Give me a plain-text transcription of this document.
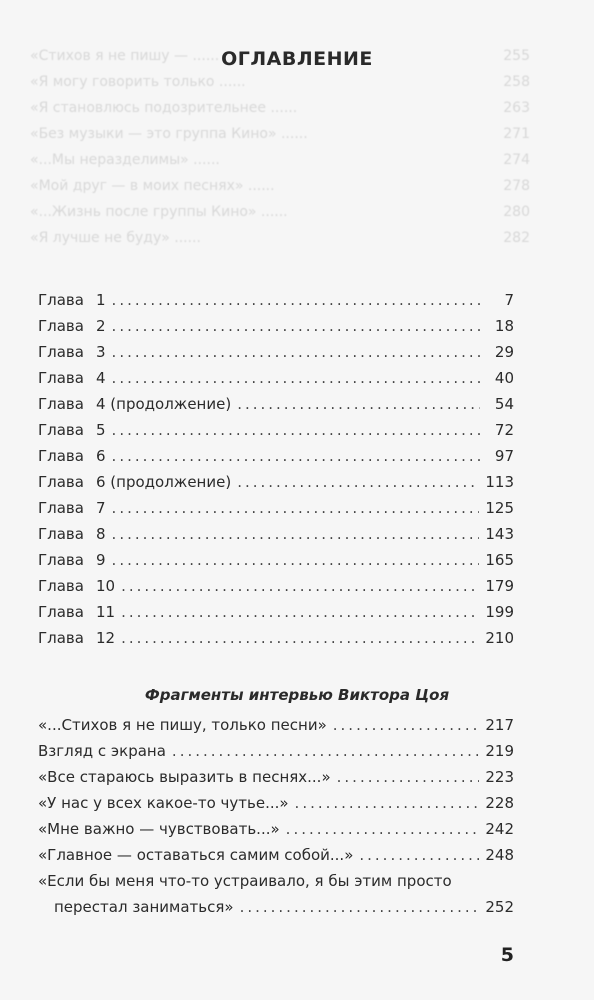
«Стихов я не пишу — ......	255
«Я могу говорить только ......	258
«Я становлюсь подозрительнее ......	263
«Без музыки — это группа Кино» ......	271
«...Мы неразделимы» ......	274
«Мой друг — в моих песнях» ......	278
«...Жизнь после группы Кино» ......	280
«Я лучше не буду» ......	282
ОГЛАВЛЕНИЕ
Глава 1 .....	7
Глава 2 .....	18
Глава 3 .....	29
Глава 4 .....	40
Глава 4 (продолжение) .....	54
Глава 5 .....	72
Глава 6 .....	97
Глава 6 (продолжение) .....	113
Глава 7 .....	125
Глава 8 .....	143
Глава 9 .....	165
Глава 10 .....	179
Глава 11 .....	199
Глава 12 .....	210
Фрагменты интервью Виктора Цоя
«...Стихов я не пишу, только песни» .....	217
Взгляд с экрана .....	219
«Все стараюсь выразить в песнях...» .....	223
«У нас у всех какое-то чутье...» .....	228
«Мне важно — чувствовать...» .....	242
«Главное — оставаться самим собой...» .....	248
«Если бы меня что-то устраивало, я бы этим просто
перестал заниматься» .....	252
5
